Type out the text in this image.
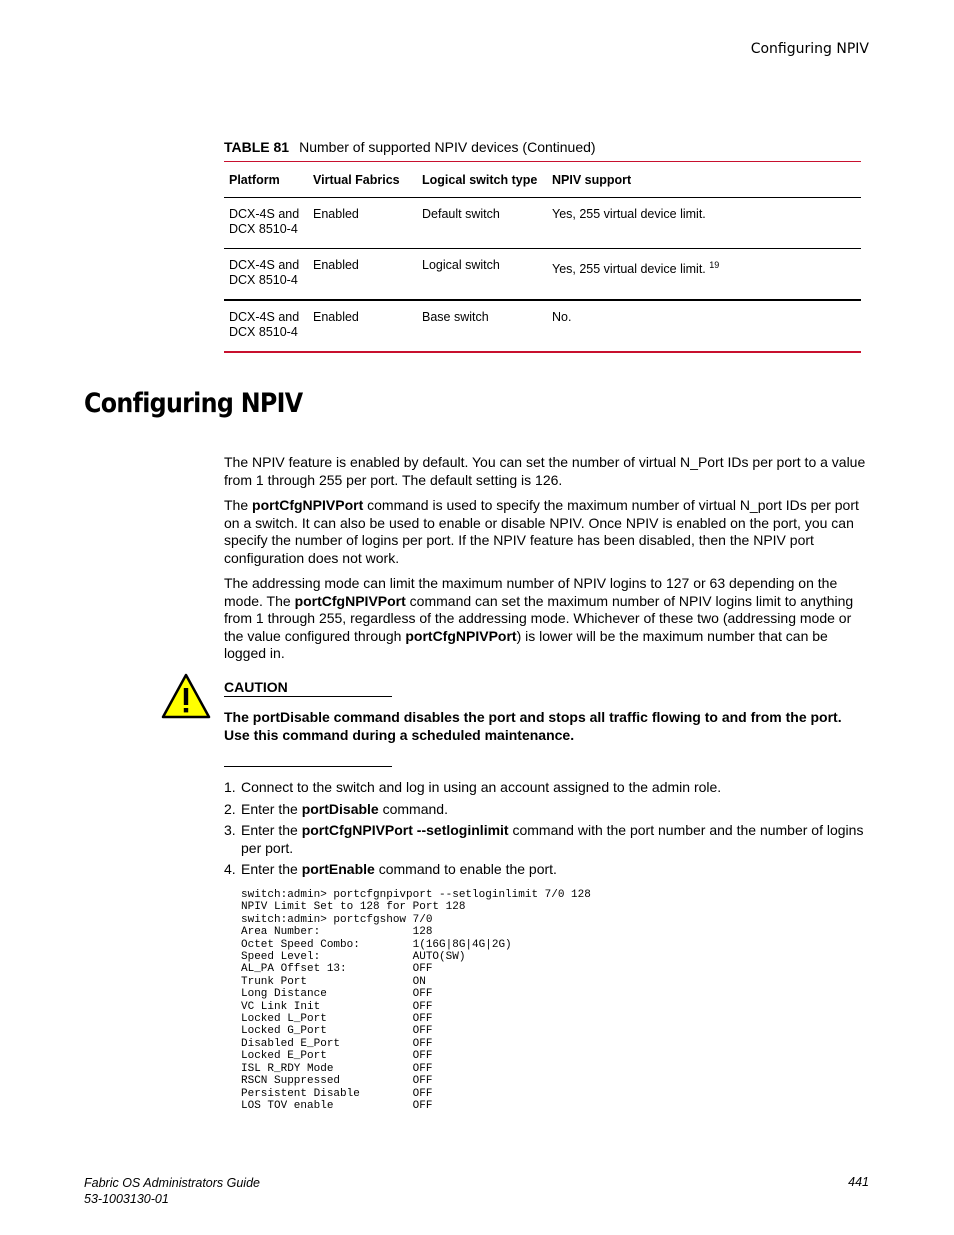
Configuring NPIV
TABLE 81 Number of supported NPIV devices (Continued)
Platform	Virtual Fabrics	Logical switch type	NPIV support
DCX-4S and
DCX 8510-4	Enabled	Default switch	Yes, 255 virtual device limit.
DCX-4S and
DCX 8510-4	Enabled	Logical switch	Yes, 255 virtual device limit. $^{19}$
DCX-4S and
DCX 8510-4	Enabled	Base switch	No.
Configuring NPIV

The NPIV feature is enabled by default. You can set the number of virtual N_Port IDs per port to a value from 1 through 255 per port. The default setting is 126.

The portCfgNPIVPort command is used to specify the maximum number of virtual N_port IDs per port on a switch. It can also be used to enable or disable NPIV. Once NPIV is enabled on the port, you can specify the number of logins per port. If the NPIV feature has been disabled, then the NPIV port configuration does not work.

The addressing mode can limit the maximum number of NPIV logins to 127 or 63 depending on the mode. The portCfgNPIVPort command can set the maximum number of NPIV logins limit to anything from 1 through 255, regardless of the addressing mode. Whichever of these two (addressing mode or the value configured through portCfgNPIVPort) is lower will be the maximum number that can be logged in.

CAUTION
The portDisable command disables the port and stops all traffic flowing to and from the port. Use this command during a scheduled maintenance.
1. Connect to the switch and log in using an account assigned to the admin role.
2. Enter the portDisable command.
3. Enter the portCfgNPIVPort --setloginlimit command with the port number and the number of logins per port.
4. Enter the portEnable command to enable the port.
switch:admin> portcfgnpivport --setloginlimit 7/0 128
NPIV Limit Set to 128 for Port 128
switch:admin> portcfgshow 7/0
Area Number:              128
Octet Speed Combo:        1(16G|8G|4G|2G)
Speed Level:              AUTO(SW)
AL_PA Offset 13:          OFF
Trunk Port                ON
Long Distance             OFF
VC Link Init              OFF
Locked L_Port             OFF
Locked G_Port             OFF
Disabled E_Port           OFF
Locked E_Port             OFF
ISL R_RDY Mode            OFF
RSCN Suppressed           OFF
Persistent Disable        OFF
LOS TOV enable            OFF
Fabric OS Administrators Guide
53-1003130-01
441
